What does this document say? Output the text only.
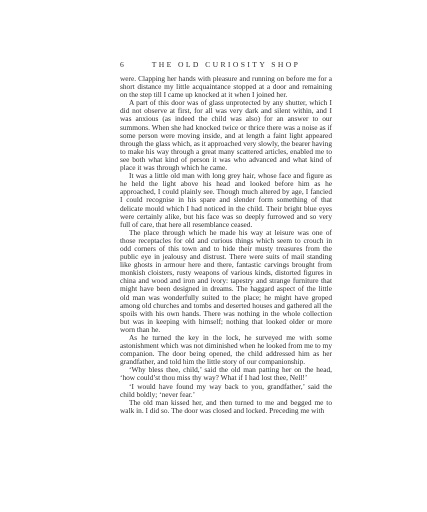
6	THE OLD CURIOSITY SHOP

were. Clapping her hands with pleasure and running on before me for a short distance my little acquaintance stopped at a door and remaining on the step till I came up knocked at it when I joined her.

A part of this door was of glass unprotected by any shutter, which I did not observe at first, for all was very dark and silent within, and I was anxious (as indeed the child was also) for an answer to our summons. When she had knocked twice or thrice there was a noise as if some person were moving inside, and at length a faint light appeared through the glass which, as it approached very slowly, the bearer having to make his way through a great many scattered articles, enabled me to see both what kind of person it was who advanced and what kind of place it was through which he came.

It was a little old man with long grey hair, whose face and figure as he held the light above his head and looked before him as he approached, I could plainly see. Though much altered by age, I fancied I could recognise in his spare and slender form something of that delicate mould which I had noticed in the child. Their bright blue eyes were certainly alike, but his face was so deeply furrowed and so very full of care, that here all resemblance ceased.

The place through which he made his way at leisure was one of those receptacles for old and curious things which seem to crouch in odd corners of this town and to hide their musty treasures from the public eye in jealousy and distrust. There were suits of mail standing like ghosts in armour here and there, fantastic carvings brought from monkish cloisters, rusty weapons of various kinds, distorted figures in china and wood and iron and ivory: tapestry and strange furniture that might have been designed in dreams. The haggard aspect of the little old man was wonderfully suited to the place; he might have groped among old churches and tombs and deserted houses and gathered all the spoils with his own hands. There was nothing in the whole collection but was in keeping with himself; nothing that looked older or more worn than he.

As he turned the key in the lock, he surveyed me with some astonishment which was not diminished when he looked from me to my companion. The door being opened, the child addressed him as her grandfather, and told him the little story of our companionship.

‘Why bless thee, child,’ said the old man patting her on the head, ‘how could’st thou miss thy way? What if I had lost thee, Nell!’

‘I would have found my way back to you, grandfather,’ said the child boldly; ‘never fear.’

The old man kissed her, and then turned to me and begged me to walk in. I did so. The door was closed and locked. Preceding me with
